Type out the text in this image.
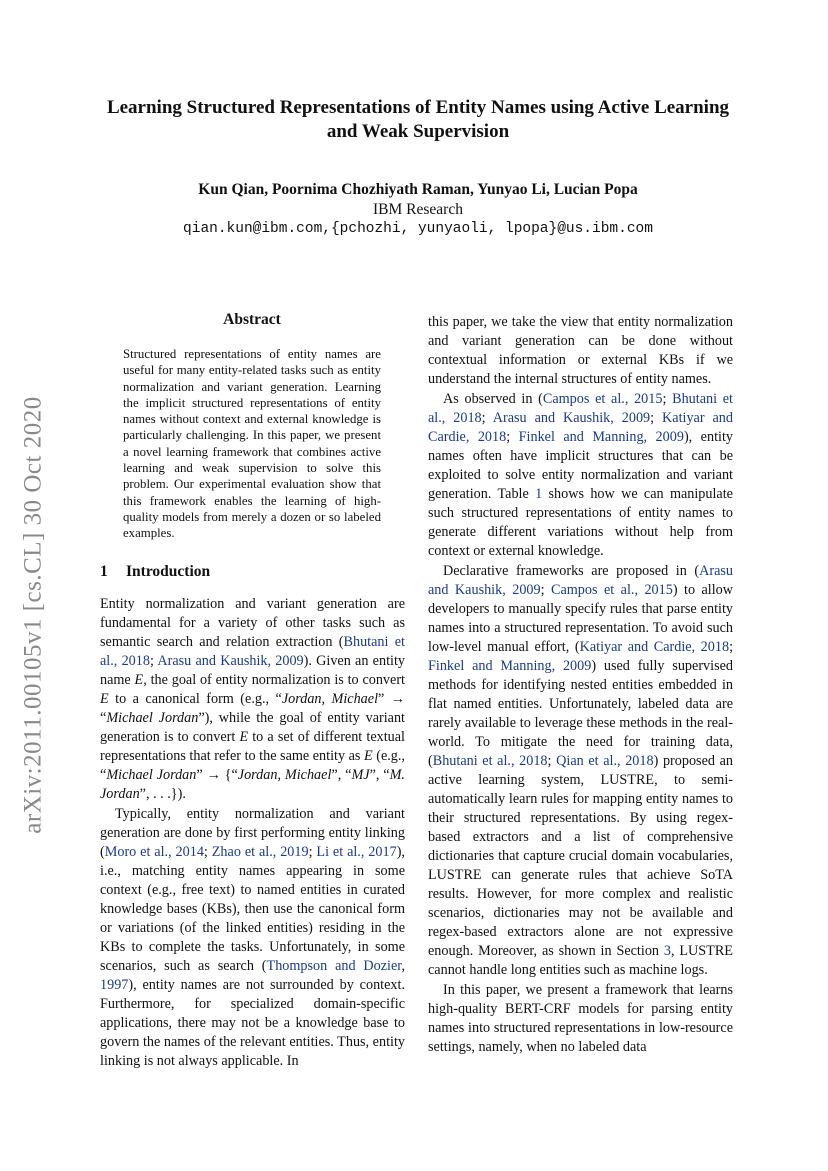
arXiv:2011.00105v1 [cs.CL] 30 Oct 2020
Learning Structured Representations of Entity Names using Active Learning and Weak Supervision
Kun Qian, Poornima Chozhiyath Raman, Yunyao Li, Lucian Popa
IBM Research
qian.kun@ibm.com,{pchozhi, yunyaoli, lpopa}@us.ibm.com
Abstract
Structured representations of entity names are useful for many entity-related tasks such as entity normalization and variant generation. Learning the implicit structured representations of entity names without context and external knowledge is particularly challenging. In this paper, we present a novel learning framework that combines active learning and weak supervision to solve this problem. Our experimental evaluation show that this framework enables the learning of high-quality models from merely a dozen or so labeled examples.
1 Introduction

Entity normalization and variant generation are fundamental for a variety of other tasks such as semantic search and relation extraction (Bhutani et al., 2018; Arasu and Kaushik, 2009). Given an entity name E, the goal of entity normalization is to convert E to a canonical form (e.g., “Jordan, Michael” → “Michael Jordan”), while the goal of entity variant generation is to convert E to a set of different textual representations that refer to the same entity as E (e.g., “Michael Jordan” → {“Jordan, Michael”, “MJ”, “M. Jordan”, . . .}).

Typically, entity normalization and variant generation are done by first performing entity linking (Moro et al., 2014; Zhao et al., 2019; Li et al., 2017), i.e., matching entity names appearing in some context (e.g., free text) to named entities in curated knowledge bases (KBs), then use the canonical form or variations (of the linked entities) residing in the KBs to complete the tasks. Unfortunately, in some scenarios, such as search (Thompson and Dozier, 1997), entity names are not surrounded by context. Furthermore, for specialized domain-specific applications, there may not be a knowledge base to govern the names of the relevant entities. Thus, entity linking is not always applicable. In

this paper, we take the view that entity normalization and variant generation can be done without contextual information or external KBs if we understand the internal structures of entity names.

As observed in (Campos et al., 2015; Bhutani et al., 2018; Arasu and Kaushik, 2009; Katiyar and Cardie, 2018; Finkel and Manning, 2009), entity names often have implicit structures that can be exploited to solve entity normalization and variant generation. Table 1 shows how we can manipulate such structured representations of entity names to generate different variations without help from context or external knowledge.

Declarative frameworks are proposed in (Arasu and Kaushik, 2009; Campos et al., 2015) to allow developers to manually specify rules that parse entity names into a structured representation. To avoid such low-level manual effort, (Katiyar and Cardie, 2018; Finkel and Manning, 2009) used fully supervised methods for identifying nested entities embedded in flat named entities. Unfortunately, labeled data are rarely available to leverage these methods in the real-world. To mitigate the need for training data, (Bhutani et al., 2018; Qian et al., 2018) proposed an active learning system, LUSTRE, to semi-automatically learn rules for mapping entity names to their structured representations. By using regex-based extractors and a list of comprehensive dictionaries that capture crucial domain vocabularies, LUSTRE can generate rules that achieve SoTA results. However, for more complex and realistic scenarios, dictionaries may not be available and regex-based extractors alone are not expressive enough. Moreover, as shown in Section 3, LUSTRE cannot handle long entities such as machine logs.

In this paper, we present a framework that learns high-quality BERT-CRF models for parsing entity names into structured representations in low-resource settings, namely, when no labeled data
